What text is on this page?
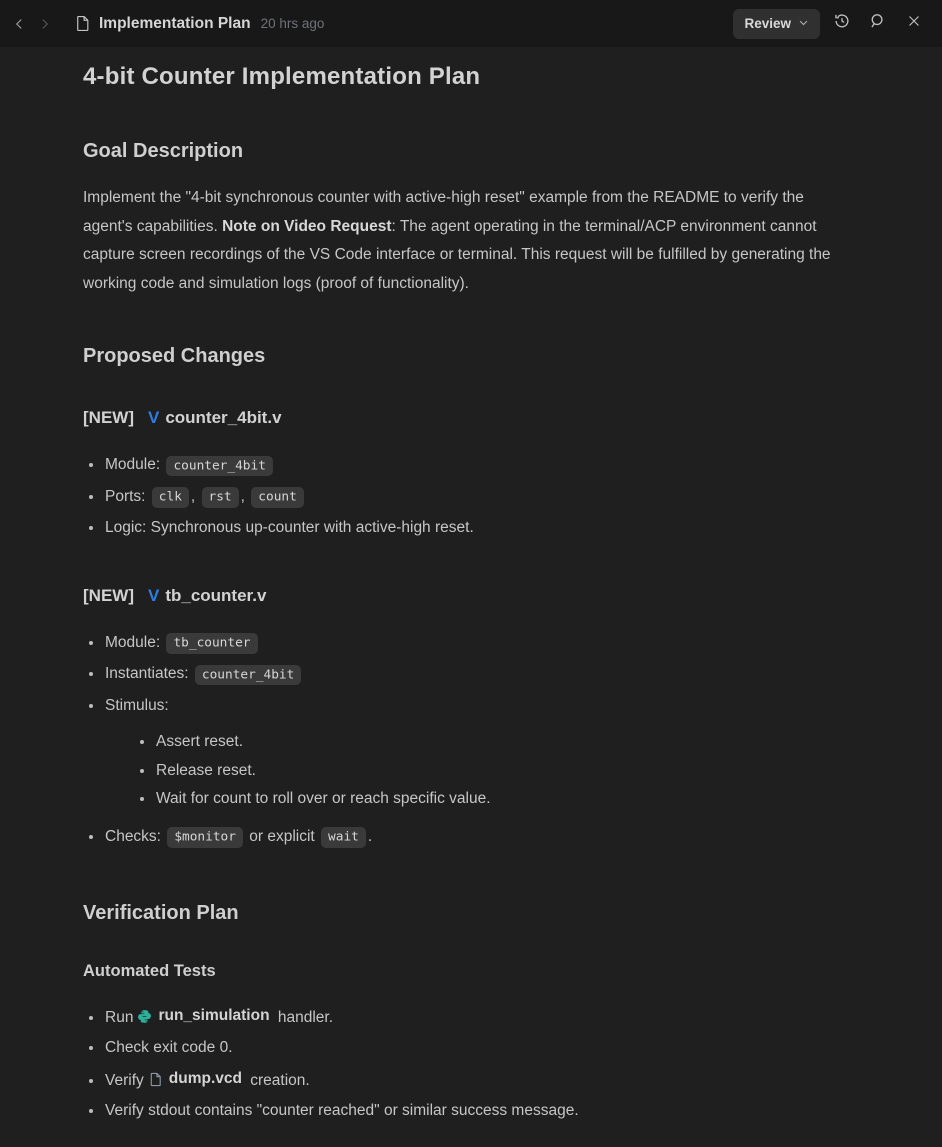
Implementation Plan 20 hrs ago	Review
4-bit Counter Implementation Plan
Goal Description

Implement the "4-bit synchronous counter with active-high reset" example from the README to verify the agent's capabilities. Note on Video Request: The agent operating in the terminal/ACP environment cannot capture screen recordings of the VS Code interface or terminal. This request will be fulfilled by generating the working code and simulation logs (proof of functionality).

Proposed Changes
[NEW] V counter_4bit.v
• Module: counter_4bit
• Ports: clk , rst , count
• Logic: Synchronous up-counter with active-high reset.
[NEW] V tb_counter.v
• Module: tb_counter
• Instantiates: counter_4bit
• Stimulus:
• Assert reset.
• Release reset.
• Wait for count to roll over or reach specific value.
• Checks: $monitor or explicit wait .
Verification Plan
Automated Tests
• Run run_simulation handler.
• Check exit code 0.
• Verify dump.vcd creation.
• Verify stdout contains "counter reached" or similar success message.
